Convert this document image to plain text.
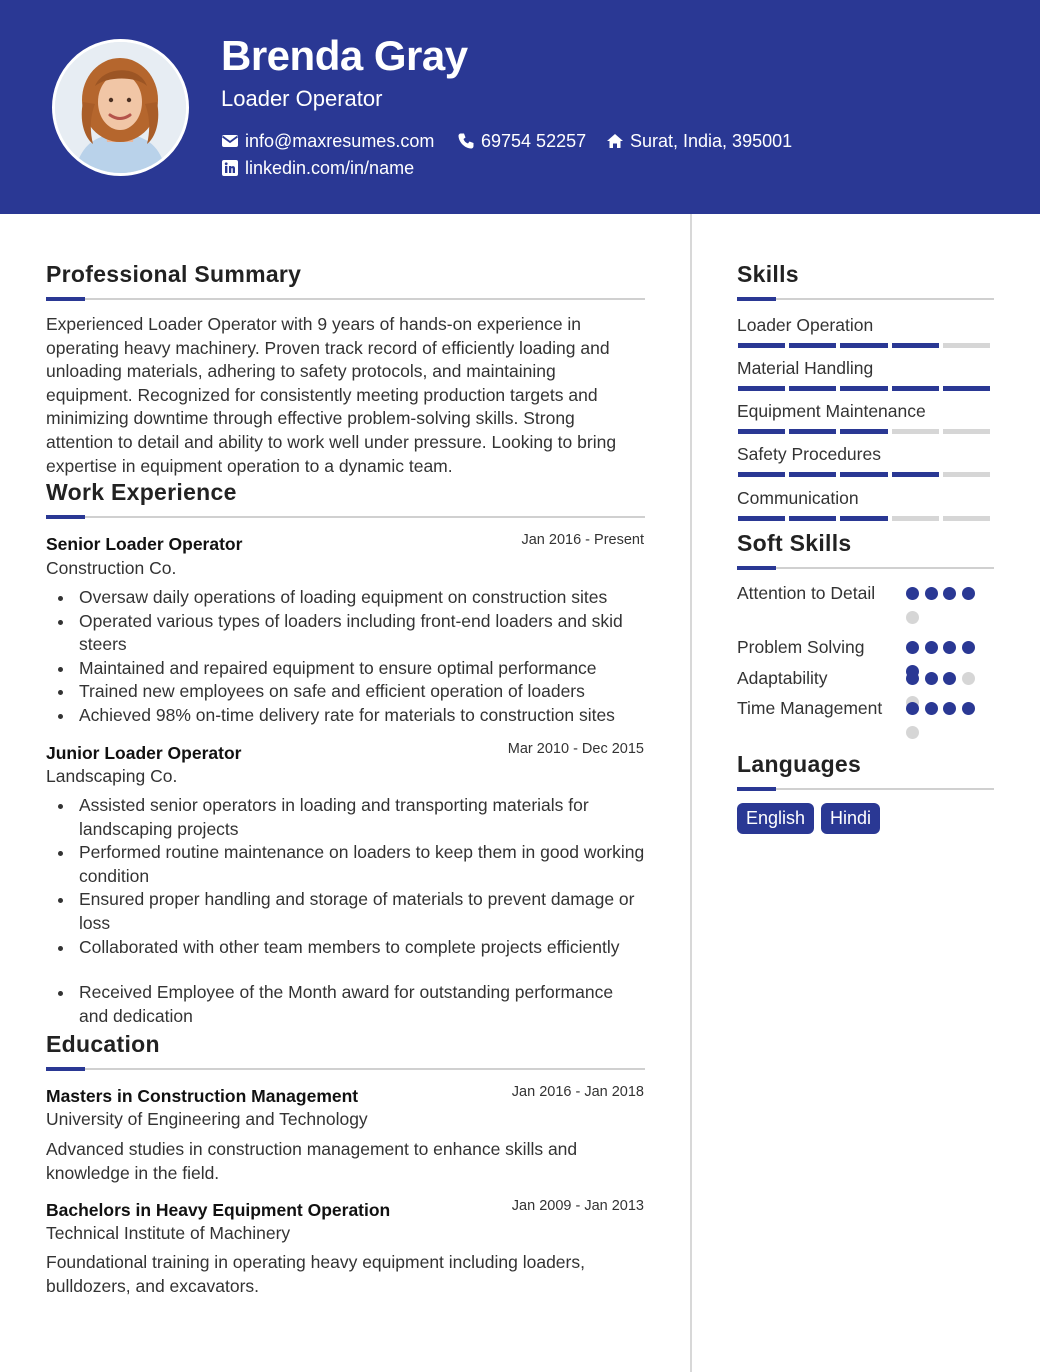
Brenda Gray
Loader Operator
info@maxresumes.com	69754 52257 Surat, India, 395001
linkedin.com/in/name
Professional Summary
Experienced Loader Operator with 9 years of hands-on experience in operating heavy machinery. Proven track record of efficiently loading and unloading materials, adhering to safety protocols, and maintaining equipment. Recognized for consistently meeting production targets and minimizing downtime through effective problem-solving skills. Strong attention to detail and ability to work well under pressure. Looking to bring expertise in equipment operation to a dynamic team.
Work Experience
Senior Loader Operator	Jan 2016 - Present
Construction Co.
Oversaw daily operations of loading equipment on construction sites
Operated various types of loaders including front-end loaders and skid steers
Maintained and repaired equipment to ensure optimal performance
Trained new employees on safe and efficient operation of loaders
Achieved 98% on-time delivery rate for materials to construction sites
Junior Loader Operator	Mar 2010 - Dec 2015
Landscaping Co.
Assisted senior operators in loading and transporting materials for landscaping projects
Performed routine maintenance on loaders to keep them in good working condition
Ensured proper handling and storage of materials to prevent damage or loss
Collaborated with other team members to complete projects efficiently
Received Employee of the Month award for outstanding performance and dedication
Education
Masters in Construction Management	Jan 2016 - Jan 2018
University of Engineering and Technology
Advanced studies in construction management to enhance skills and knowledge in the field.
Bachelors in Heavy Equipment Operation	Jan 2009 - Jan 2013
Technical Institute of Machinery
Foundational training in operating heavy equipment including loaders, bulldozers, and excavators.
Skills
Loader Operation
Material Handling
Equipment Maintenance
Safety Procedures
Communication
Soft Skills
Attention to Detail
Problem Solving
Adaptability
Time Management
Languages
English	Hindi
